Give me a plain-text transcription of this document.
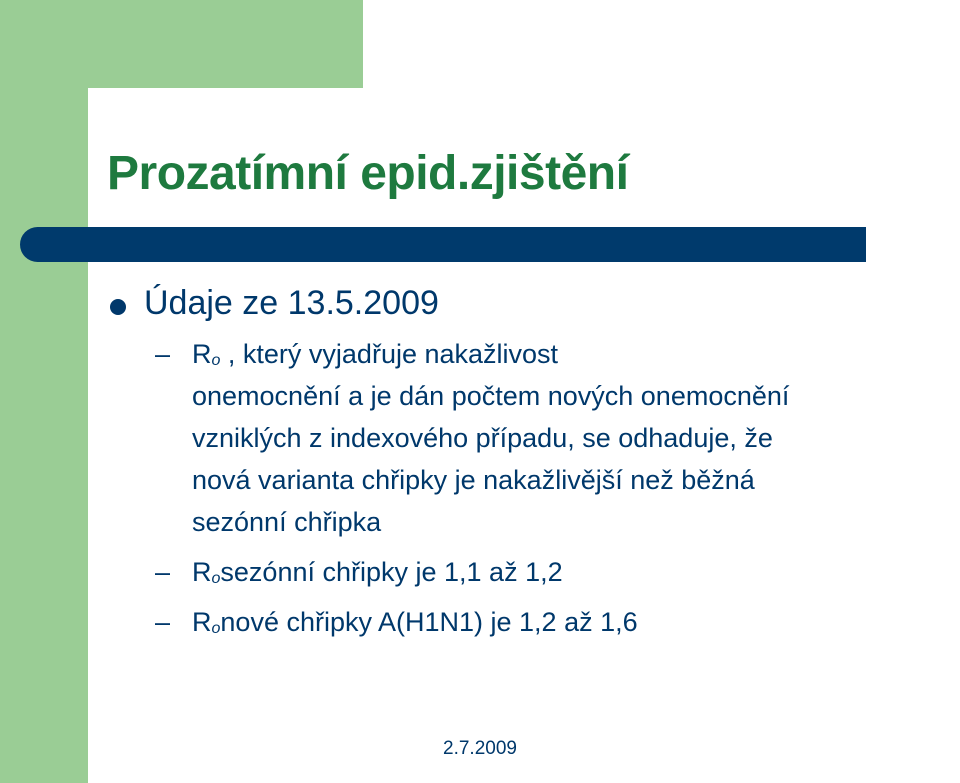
Prozatímní epid.zjištění
Údaje ze 13.5.2009
– Ro , který vyjadřuje nakažlivost
onemocnění a je dán počtem nových onemocnění
vzniklých z indexového případu, se odhaduje, že
nová varianta chřipky je nakažlivější než běžná
sezónní chřipka
– Rosezónní chřipky je 1,1 až 1,2
– Ronové chřipky A(H1N1) je 1,2 až 1,6
2.7.2009
